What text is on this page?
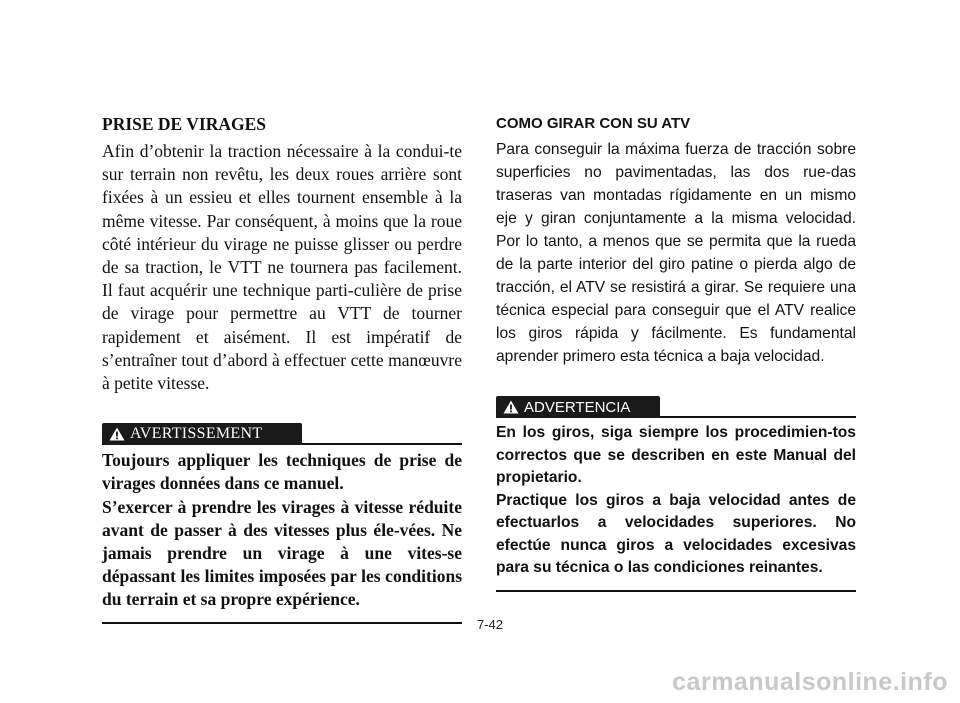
PRISE DE VIRAGES

Afin d’obtenir la traction nécessaire à la condui-te sur terrain non revêtu, les deux roues arrière sont fixées à un essieu et elles tournent ensemble à la même vitesse. Par conséquent, à moins que la roue côté intérieur du virage ne puisse glisser ou perdre de sa traction, le VTT ne tournera pas facilement. Il faut acquérir une technique parti-culière de prise de virage pour permettre au VTT de tourner rapidement et aisément. Il est impératif de s’entraîner tout d’abord à effectuer cette manœuvre à petite vitesse.

AVERTISSEMENT

Toujours appliquer les techniques de prise de virages données dans ce manuel.

S’exercer à prendre les virages à vitesse réduite avant de passer à des vitesses plus éle-vées. Ne jamais prendre un virage à une vites-se dépassant les limites imposées par les conditions du terrain et sa propre expérience.

COMO GIRAR CON SU ATV

Para conseguir la máxima fuerza de tracción sobre superficies no pavimentadas, las dos rue-das traseras van montadas rígidamente en un mismo eje y giran conjuntamente a la misma velocidad. Por lo tanto, a menos que se permita que la rueda de la parte interior del giro patine o pierda algo de tracción, el ATV se resistirá a girar. Se requiere una técnica especial para conseguir que el ATV realice los giros rápida y fácilmente. Es fundamental aprender primero esta técnica a baja velocidad.

ADVERTENCIA

En los giros, siga siempre los procedimien-tos correctos que se describen en este Manual del propietario.

Practique los giros a baja velocidad antes de efectuarlos a velocidades superiores. No efectúe nunca giros a velocidades excesivas para su técnica o las condiciones reinantes.

7-42
carmanualsonline.info
